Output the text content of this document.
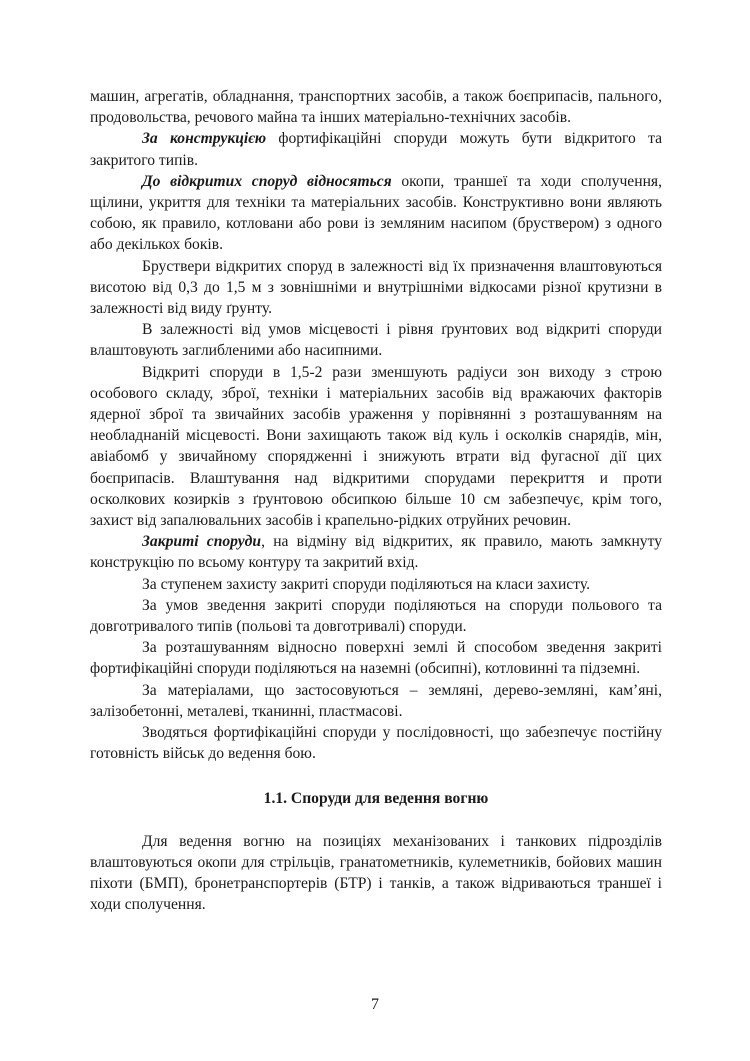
машин, агрегатів, обладнання, транспортних засобів, а також боєприпасів, пального, продовольства, речового майна та інших матеріально-технічних засобів.

За конструкцією фортифікаційні споруди можуть бути відкритого та закритого типів.

До відкритих споруд відносяться окопи, траншеї та ходи сполучення, щілини, укриття для техніки та матеріальних засобів. Конструктивно вони являють собою, як правило, котловани або рови із земляним насипом (бруствером) з одного або декількох боків.

Бруствери відкритих споруд в залежності від їх призначення влаштовуються висотою від 0,3 до 1,5 м з зовнішніми и внутрішніми відкосами різної крутизни в залежності від виду ґрунту.

В залежності від умов місцевості і рівня ґрунтових вод відкриті споруди влаштовують заглибленими або насипними.

Відкриті споруди в 1,5-2 рази зменшують радіуси зон виходу з строю особового складу, зброї, техніки і матеріальних засобів від вражаючих факторів ядерної зброї та звичайних засобів ураження у порівнянні з розташуванням на необладнаній місцевості. Вони захищають також від куль і осколків снарядів, мін, авіабомб у звичайному спорядженні і знижують втрати від фугасної дії цих боєприпасів. Влаштування над відкритими спорудами перекриття и проти осколкових козирків з ґрунтовою обсипкою більше 10 см забезпечує, крім того, захист від запалювальних засобів і крапельно-рідких отруйних речовин.

Закриті споруди, на відміну від відкритих, як правило, мають замкнуту конструкцію по всьому контуру та закритий вхід.

За ступенем захисту закриті споруди поділяються на класи захисту.

За умов зведення закриті споруди поділяються на споруди польового та довготривалого типів (польові та довготривалі) споруди.

За розташуванням відносно поверхні землі й способом зведення закриті фортифікаційні споруди поділяються на наземні (обсипні), котловинні та підземні.

За матеріалами, що застосовуються – земляні, дерево-земляні, кам’яні, залізобетонні, металеві, тканинні, пластмасові.

Зводяться фортифікаційні споруди у послідовності, що забезпечує постійну готовність військ до ведення бою.

1.1. Споруди для ведення вогню

Для ведення вогню на позиціях механізованих і танкових підрозділів влаштовуються окопи для стрільців, гранатометників, кулеметників, бойових машин піхоти (БМП), бронетранспортерів (БТР) і танків, а також відриваються траншеї і ходи сполучення.

7
